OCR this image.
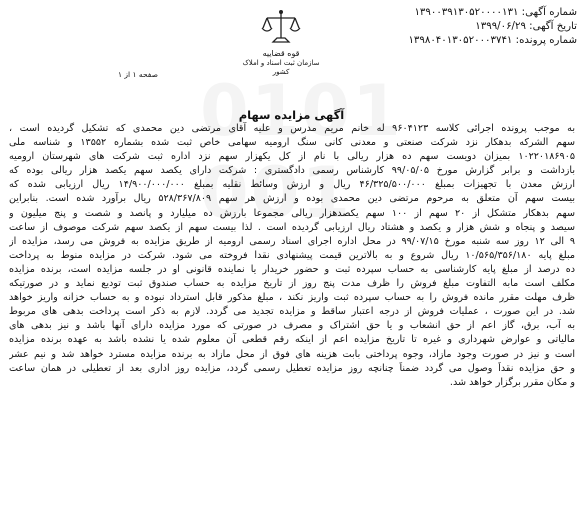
شماره آگهی: ۱۳۹۰۰۳۹۱۳۰۵۲۰۰۰۰۱۳۱
تاریخ آگهی: ۱۳۹۹/۰۶/۲۹
شماره پرونده: ۱۳۹۸۰۴۰۱۳۰۵۲۰۰۰۳۷۴۱
قوه قضاییه
سازمان ثبت اسناد و املاک کشور
صفحه ۱ از ۱
آگهی مزایده سهام
به موجب پرونده اجرائی کلاسه ۹۶۰۴۱۲۳ له خانم مریم مدرس و علیه آقای مرتضی دین محمدی که تشکیل گردیده است ،
سهم الشرکه بدهکار نزد شرکت صنعتی و معدنی کانی سنگ ارومیه سهامی خاص ثبت شده بشماره ۱۳۵۵۲ و شناسه ملی
۱۰۲۲۰۱۸۶۹۰۵ بمیزان دویست سهم ده هزار ریالی با نام از کل یکهزار سهم نزد اداره ثبت شرکت های شهرستان ارومیه
بازداشت و برابر گزارش مورخ ۹۹/۰۵/۰۵ کارشناس رسمی دادگستری : شرکت دارای یکصد سهم یکصد هزار ریالی بوده که
ارزش معدن با تجهیزات بمبلغ ۴۶/۳۲۵/۵۰۰/۰۰۰ ریال و ارزش وسائط نقلیه بمبلغ ۱۴/۹۰۰/۰۰۰/۰۰۰ ریال ارزیابی شده که
بیست سهم آن متعلق به مرحوم مرتضی دین محمدی بوده و ارزش هر سهم ۵۲۸/۳۶۷/۸۰۹ ریال برآورد شده است. بنابراین
سهم بدهکار متشکل از ۲۰ سهم از ۱۰۰ سهم یکصدهزار ریالی مجموعا بارزش ده میلیارد و پانصد و شصت و پنج میلیون و
سیصد و پنجاه و شش هزار و یکصد و هشتاد ریال ارزیابی گردیده است . لذا بیست سهم از یکصد سهم شرکت موصوف از ساعت
۹ الی ۱۲ روز سه شنبه مورخ ۹۹/۰۷/۱۵ در محل اداره اجرای اسناد رسمی ارومیه از طریق مزایده به فروش می رسد، مزایده از
مبلغ پایه ۱۰/۵۶۵/۳۵۶/۱۸۰ ریال شروع و به بالاترین قیمت پیشنهادی نقدا فروخته می شود. شرکت در مزایده منوط به پرداخت
ده درصد از مبلغ پایه کارشناسی به حساب سپرده ثبت و حضور خریدار یا نماینده قانونی او در جلسه مزایده است، برنده مزایده
مکلف است مابه التفاوت مبلغ فروش را ظرف مدت پنج روز از تاریخ مزایده به حساب صندوق ثبت تودیع نماید و در صورتیکه
ظرف مهلت مقرر مانده فروش را به حساب سپرده ثبت واریز نکند ، مبلغ مذکور قابل استرداد نبوده و به حساب خزانه واریز خواهد
شد. در این صورت ، عملیات فروش از درجه اعتبار ساقط و مزایده تجدید می گردد. لازم به ذکر است پرداخت بدهی های مربوط
به آب، برق، گاز اعم از حق انشعاب و یا حق اشتراک و مصرف در صورتی که مورد مزایده دارای آنها باشد و نیز بدهی های
مالیاتی و عوارض شهرداری و غیره تا تاریخ مزایده اعم از اینکه رقم قطعی آن معلوم شده یا نشده باشد به عهده برنده مزایده
است و نیز در صورت وجود مازاد، وجوه پرداختی بابت هزینه های فوق از محل مازاد به برنده مزایده مسترد خواهد شد و نیم عشر
و حق مزایده نقداً وصول می گردد ضمناً چنانچه روز مزایده تعطیل رسمی گردد، مزایده روز اداری بعد از تعطیلی در همان ساعت
و مکان مقرر برگزار خواهد شد.
